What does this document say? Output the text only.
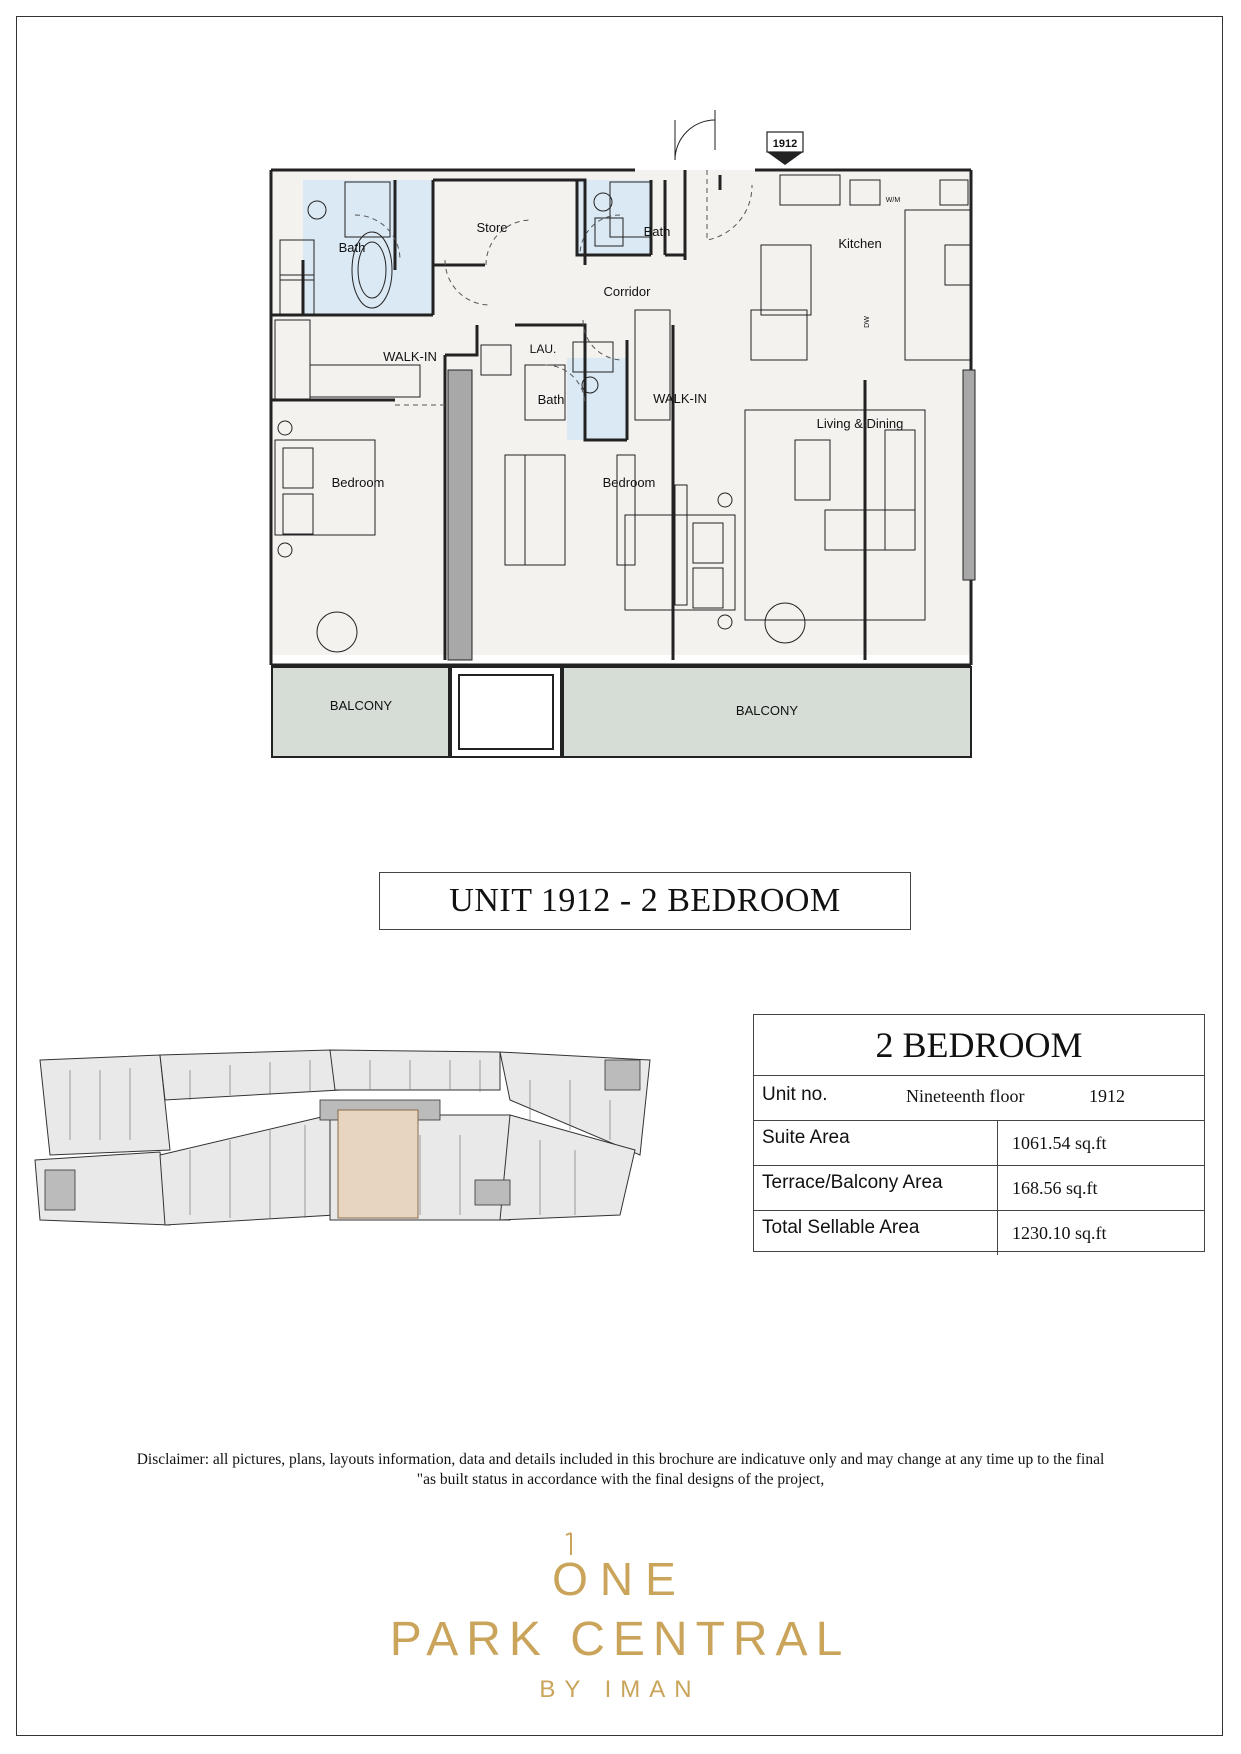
1912
Bath
Store	Bath
Kitchen
Corridor
WALK-IN	LAU.
Bath	WALK-IN
Living & Dining
Bedroom	Bedroom
BALCONY	BALCONY
DW
W/M
UNIT 1912 - 2 BEDROOM
2 BEDROOM
Unit no.	Nineteenth floor	1912
Suite Area	1061.54 sq.ft
Terrace/Balcony Area	168.56 sq.ft
Total Sellable Area	1230.10 sq.ft
Disclaimer: all pictures, plans, layouts information, data and details included in this brochure are indicatuve only and may change at any time up to the final
"as built status in accordance with the final designs of the project,
ONE
PARK CENTRAL
BY IMAN
